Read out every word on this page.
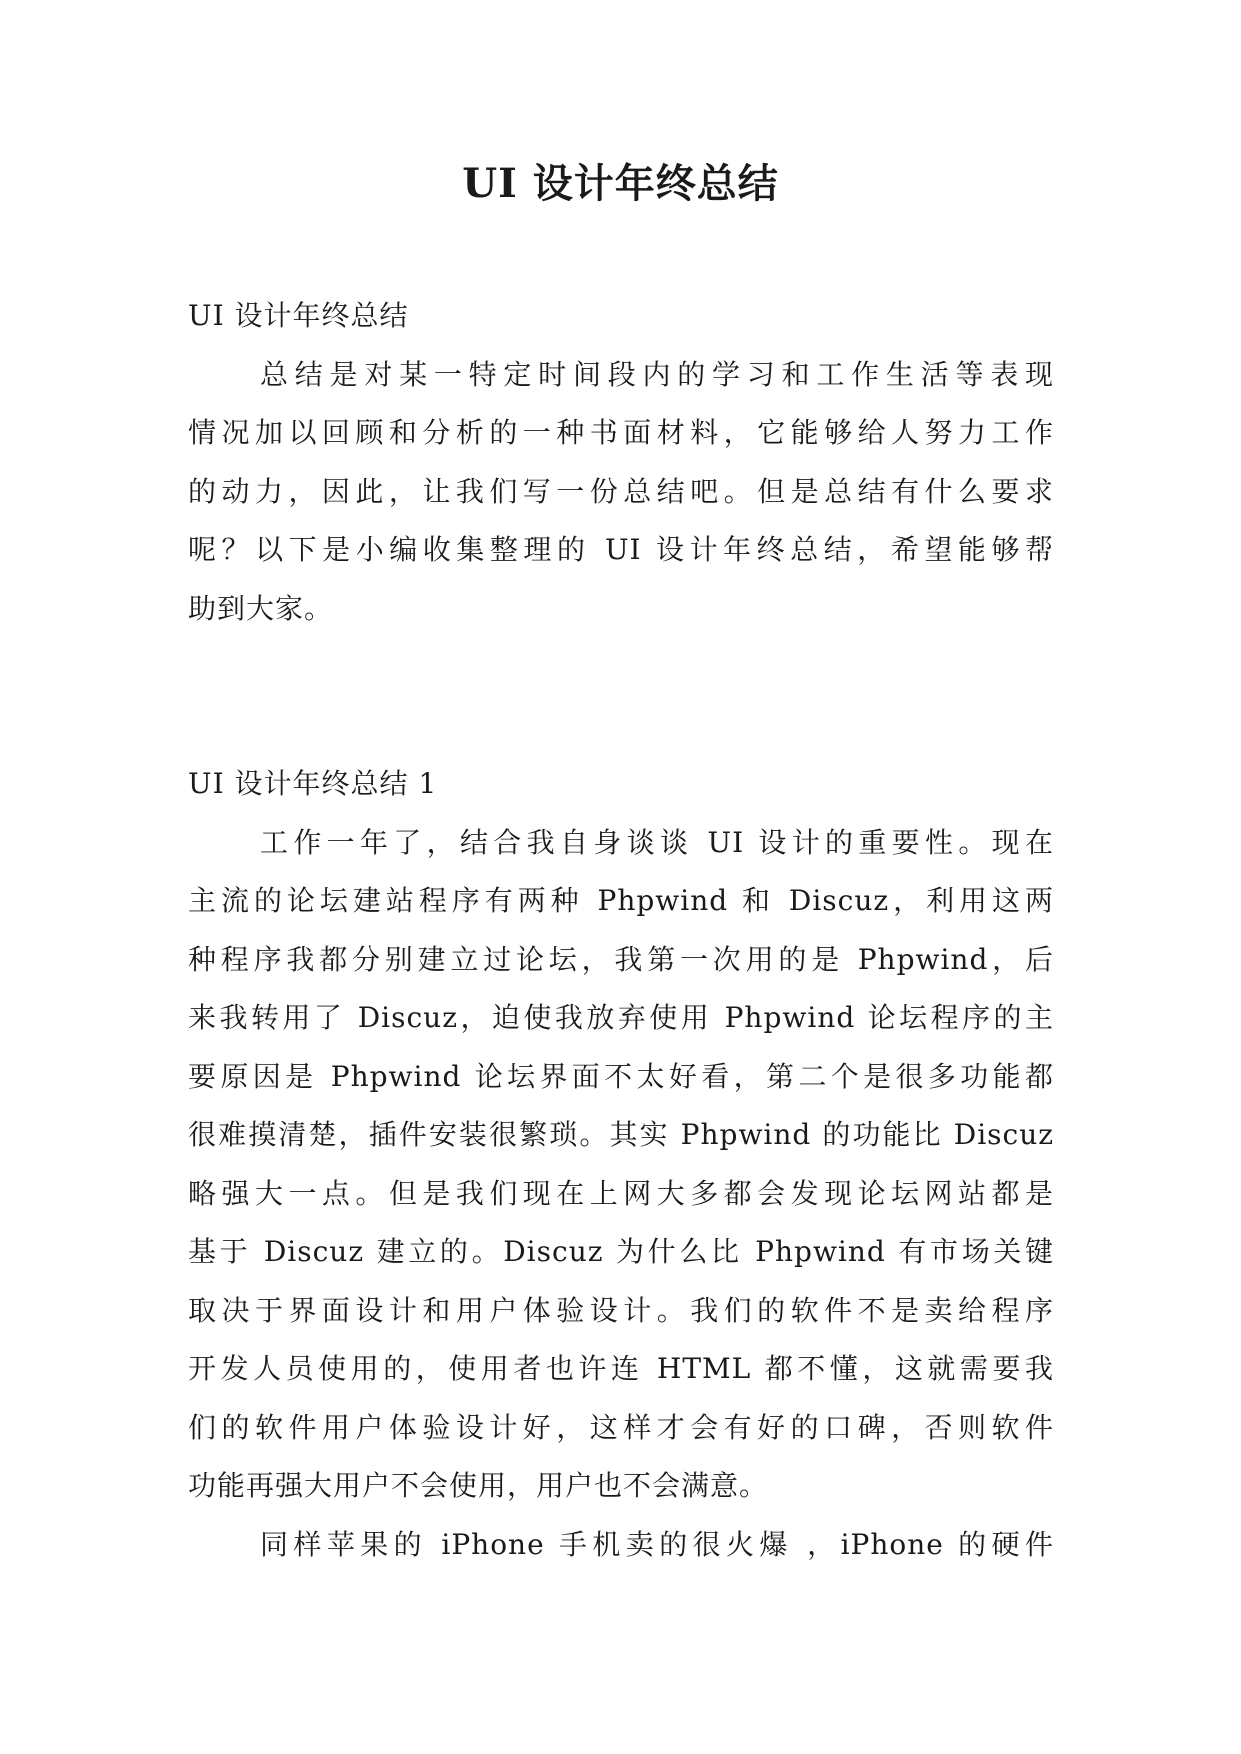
UI 设计年终总结
UI 设计年终总结
总结是对某一特定时间段内的学习和工作生活等表现
情况加以回顾和分析的一种书面材料，它能够给人努力工作
的动力，因此，让我们写一份总结吧。但是总结有什么要求
呢？以下是小编收集整理的 UI 设计年终总结，希望能够帮
助到大家。
UI 设计年终总结 1
工作一年了，结合我自身谈谈 UI 设计的重要性。现在
主流的论坛建站程序有两种 Phpwind 和 Discuz，利用这两
种程序我都分别建立过论坛，我第一次用的是 Phpwind，后
来我转用了 Discuz，迫使我放弃使用 Phpwind 论坛程序的主
要原因是 Phpwind 论坛界面不太好看，第二个是很多功能都
很难摸清楚，插件安装很繁琐。其实 Phpwind 的功能比 Discuz
略强大一点。但是我们现在上网大多都会发现论坛网站都是
基于 Discuz 建立的。Discuz 为什么比 Phpwind 有市场关键
取决于界面设计和用户体验设计。我们的软件不是卖给程序
开发人员使用的，使用者也许连 HTML 都不懂，这就需要我
们的软件用户体验设计好，这样才会有好的口碑，否则软件
功能再强大用户不会使用，用户也不会满意。
同样苹果的 iPhone 手机卖的很火爆 ，iPhone 的硬件
